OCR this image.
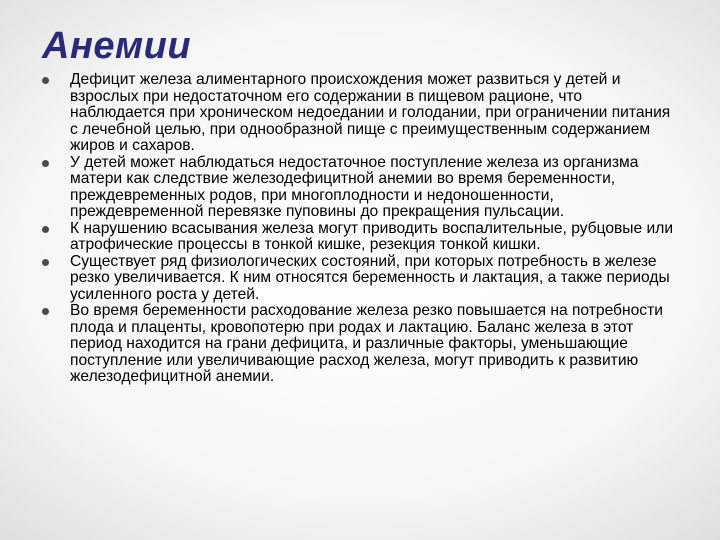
Анемии
Дефицит железа алиментарного происхождения может развиться у детей и взрослых при недостаточном его содержании в пищевом рационе, что наблюдается при хроническом недоедании и голодании, при ограничении питания с лечебной целью, при однообразной пище с преимущественным содержанием жиров и сахаров.
У детей может наблюдаться недостаточное поступление железа из организма матери как следствие железодефицитной анемии во время беременности, преждевременных родов, при многоплодности и недоношенности, преждевременной перевязке пуповины до прекращения пульсации.
К нарушению всасывания железа могут приводить воспалительные, рубцовые или атрофические процессы в тонкой кишке, резекция тонкой кишки.
Существует ряд физиологических состояний, при которых потребность в железе резко увеличивается. К ним относятся беременность и лактация, а также периоды усиленного роста у детей.
Во время беременности расходование железа резко повышается на потребности плода и плаценты, кровопотерю при родах и лактацию. Баланс железа в этот период находится на грани дефицита, и различные факторы, уменьшающие поступление или увеличивающие расход железа, могут приводить к развитию железодефицитной анемии.
